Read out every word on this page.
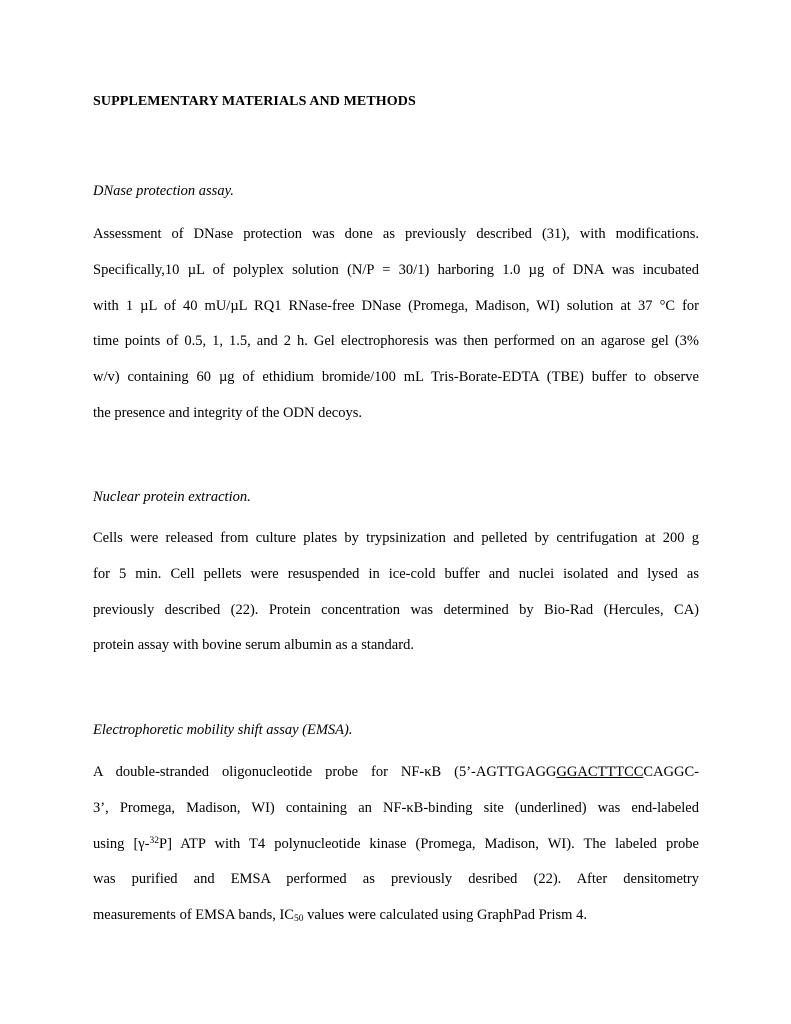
SUPPLEMENTARY MATERIALS AND METHODS
DNase protection assay.
Assessment of DNase protection was done as previously described (31), with modifications.
Specifically,10 µL of polyplex solution (N/P = 30/1) harboring 1.0 µg of DNA was incubated
with 1 µL of 40 mU/µL RQ1 RNase-free DNase (Promega, Madison, WI) solution at 37 °C for
time points of 0.5, 1, 1.5, and 2 h. Gel electrophoresis was then performed on an agarose gel (3%
w/v) containing 60 µg of ethidium bromide/100 mL Tris-Borate-EDTA (TBE) buffer to observe
the presence and integrity of the ODN decoys.
Nuclear protein extraction.
Cells were released from culture plates by trypsinization and pelleted by centrifugation at 200 g
for 5 min. Cell pellets were resuspended in ice-cold buffer and nuclei isolated and lysed as
previously described (22). Protein concentration was determined by Bio-Rad (Hercules, CA)
protein assay with bovine serum albumin as a standard.
Electrophoretic mobility shift assay (EMSA).
A double-stranded oligonucleotide probe for NF-κB (5’-AGTTGAGGGGACTTTCCCAGGC-
3’, Promega, Madison, WI) containing an NF-κB-binding site (underlined) was end-labeled
using [γ-$^{32}$P] ATP with T4 polynucleotide kinase (Promega, Madison, WI). The labeled probe
was purified and EMSA performed as previously desribed (22). After densitometry
measurements of EMSA bands, $IC_{50}$ values were calculated using GraphPad Prism 4.
